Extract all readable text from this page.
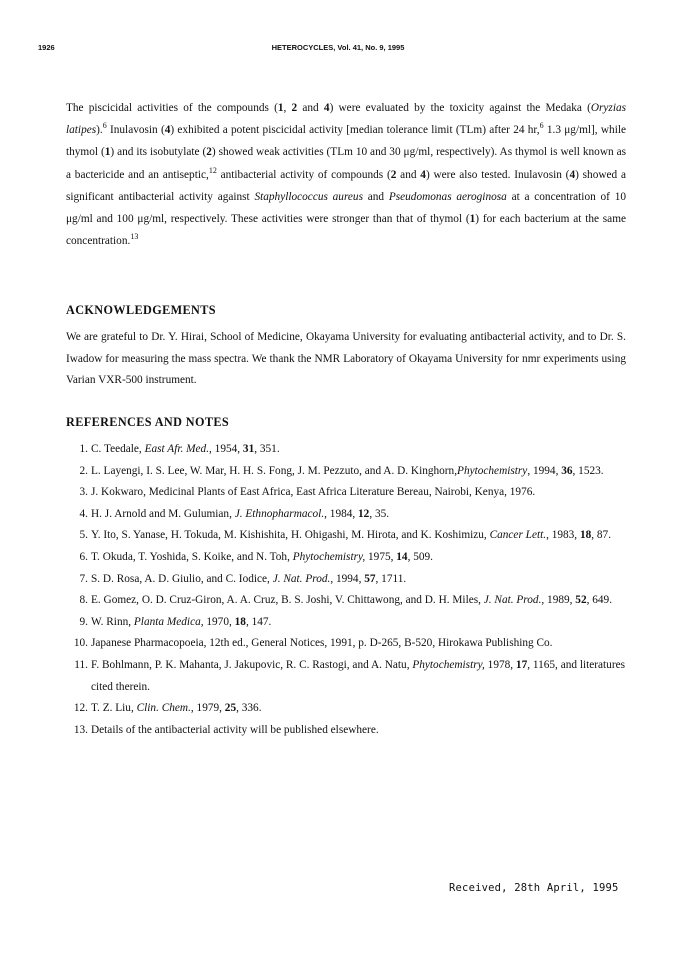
1926	HETEROCYCLES, Vol. 41, No. 9, 1995
The piscicidal activities of the compounds (1, 2 and 4) were evaluated by the toxicity against the Medaka (Oryzias latipes).$^6$ Inulavosin (4) exhibited a potent piscicidal activity [median tolerance limit (TLm) after 24 hr,$^6$ 1.3 μg/ml], while thymol (1) and its isobutylate (2) showed weak activities (TLm 10 and 30 μg/ml, respectively). As thymol is well known as a bactericide and an antiseptic,$^{12}$ antibacterial activity of compounds (2 and 4) were also tested. Inulavosin (4) showed a significant antibacterial activity against Staphyllococcus aureus and Pseudomonas aeroginosa at a concentration of 10 μg/ml and 100 μg/ml, respectively. These activities were stronger than that of thymol (1) for each bacterium at the same concentration.$^{13}$
ACKNOWLEDGEMENTS
We are grateful to Dr. Y. Hirai, School of Medicine, Okayama University for evaluating antibacterial activity, and to Dr. S. Iwadow for measuring the mass spectra. We thank the NMR Laboratory of Okayama University for nmr experiments using Varian VXR-500 instrument.
REFERENCES AND NOTES
1. C. Teedale, East Afr. Med., 1954, 31, 351.
2. L. Layengi, I. S. Lee, W. Mar, H. H. S. Fong, J. M. Pezzuto, and A. D. Kinghorn,Phytochemistry, 1994, 36, 1523.
3. J. Kokwaro, Medicinal Plants of East Africa, East Africa Literature Bereau, Nairobi, Kenya, 1976.
4. H. J. Arnold and M. Gulumian, J. Ethnopharmacol., 1984, 12, 35.
5. Y. Ito, S. Yanase, H. Tokuda, M. Kishishita, H. Ohigashi, M. Hirota, and K. Koshimizu, Cancer Lett., 1983, 18, 87.
6. T. Okuda, T. Yoshida, S. Koike, and N. Toh, Phytochemistry, 1975, 14, 509.
7. S. D. Rosa, A. D. Giulio, and C. Iodice, J. Nat. Prod., 1994, 57, 1711.
8. E. Gomez, O. D. Cruz-Giron, A. A. Cruz, B. S. Joshi, V. Chittawong, and D. H. Miles, J. Nat. Prod., 1989, 52, 649.
9. W. Rinn, Planta Medica, 1970, 18, 147.
10. Japanese Pharmacopoeia, 12th ed., General Notices, 1991, p. D-265, B-520, Hirokawa Publishing Co.
11. F. Bohlmann, P. K. Mahanta, J. Jakupovic, R. C. Rastogi, and A. Natu, Phytochemistry, 1978, 17, 1165, and literatures cited therein.
12. T. Z. Liu, Clin. Chem., 1979, 25, 336.
13. Details of the antibacterial activity will be published elsewhere.
Received, 28th April, 1995
